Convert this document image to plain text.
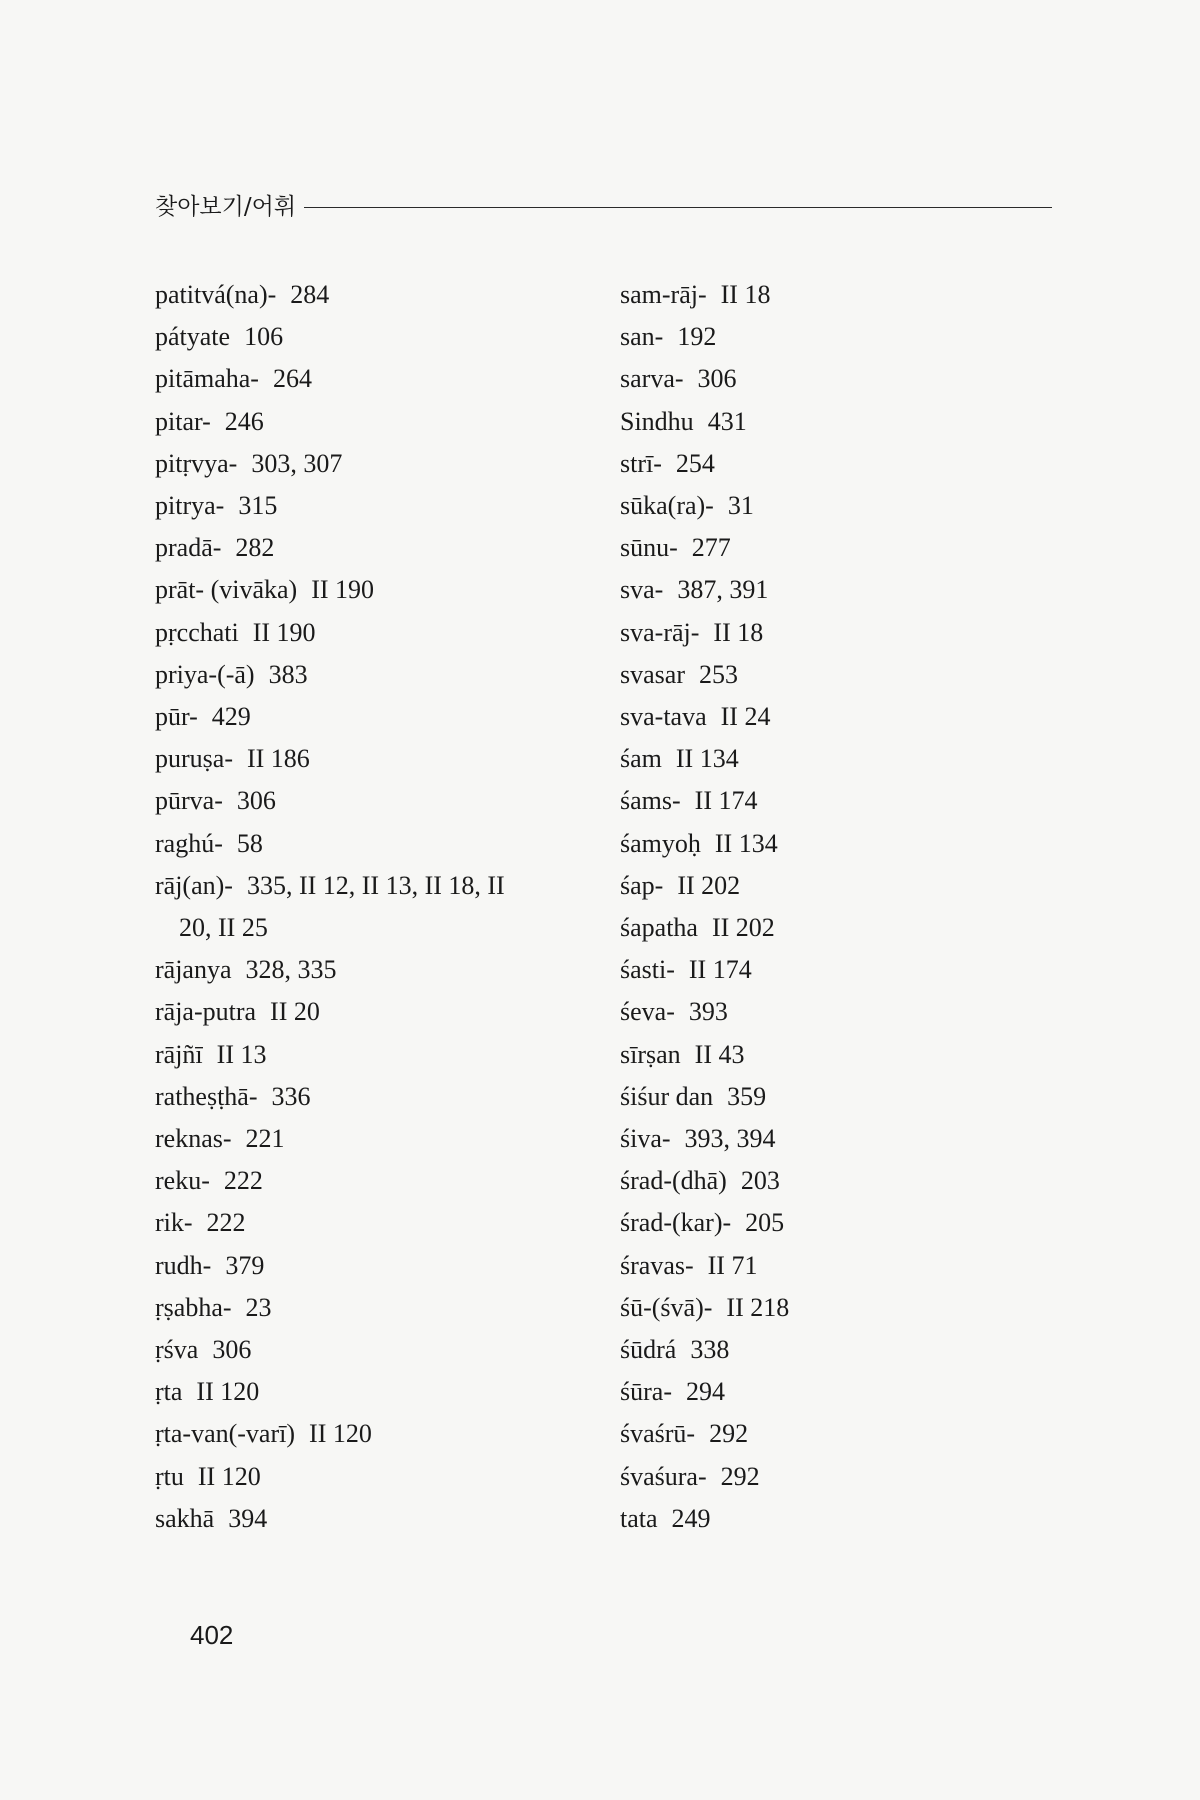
찾아보기/어휘
patitvá(na)- 284
pátyate 106
pitāmaha- 264
pitar- 246
pitṛvya- 303, 307
pitrya- 315
pradā- 282
prāt- (vivāka) II 190
pṛcchati II 190
priya-(-ā) 383
pūr- 429
puruṣa- II 186
pūrva- 306
raghú- 58
rāj(an)- 335, II 12, II 13, II 18, II
20, II 25
rājanya 328, 335
rāja-putra II 20
rājñī II 13
ratheṣṭhā- 336
reknas- 221
reku- 222
rik- 222
rudh- 379
ṛṣabha- 23
ṛśva 306
ṛta II 120
ṛta-van(-varī) II 120
ṛtu II 120
sakhā 394
sam-rāj- II 18
san- 192
sarva- 306
Sindhu 431
strī- 254
sūka(ra)- 31
sūnu- 277
sva- 387, 391
sva-rāj- II 18
svasar 253
sva-tava II 24
śam II 134
śams- II 174
śamyoḥ II 134
śap- II 202
śapatha II 202
śasti- II 174
śeva- 393
sīrṣan II 43
śiśur dan 359
śiva- 393, 394
śrad-(dhā) 203
śrad-(kar)- 205
śravas- II 71
śū-(śvā)- II 218
śūdrá 338
śūra- 294
śvaśrū- 292
śvaśura- 292
tata 249
402
